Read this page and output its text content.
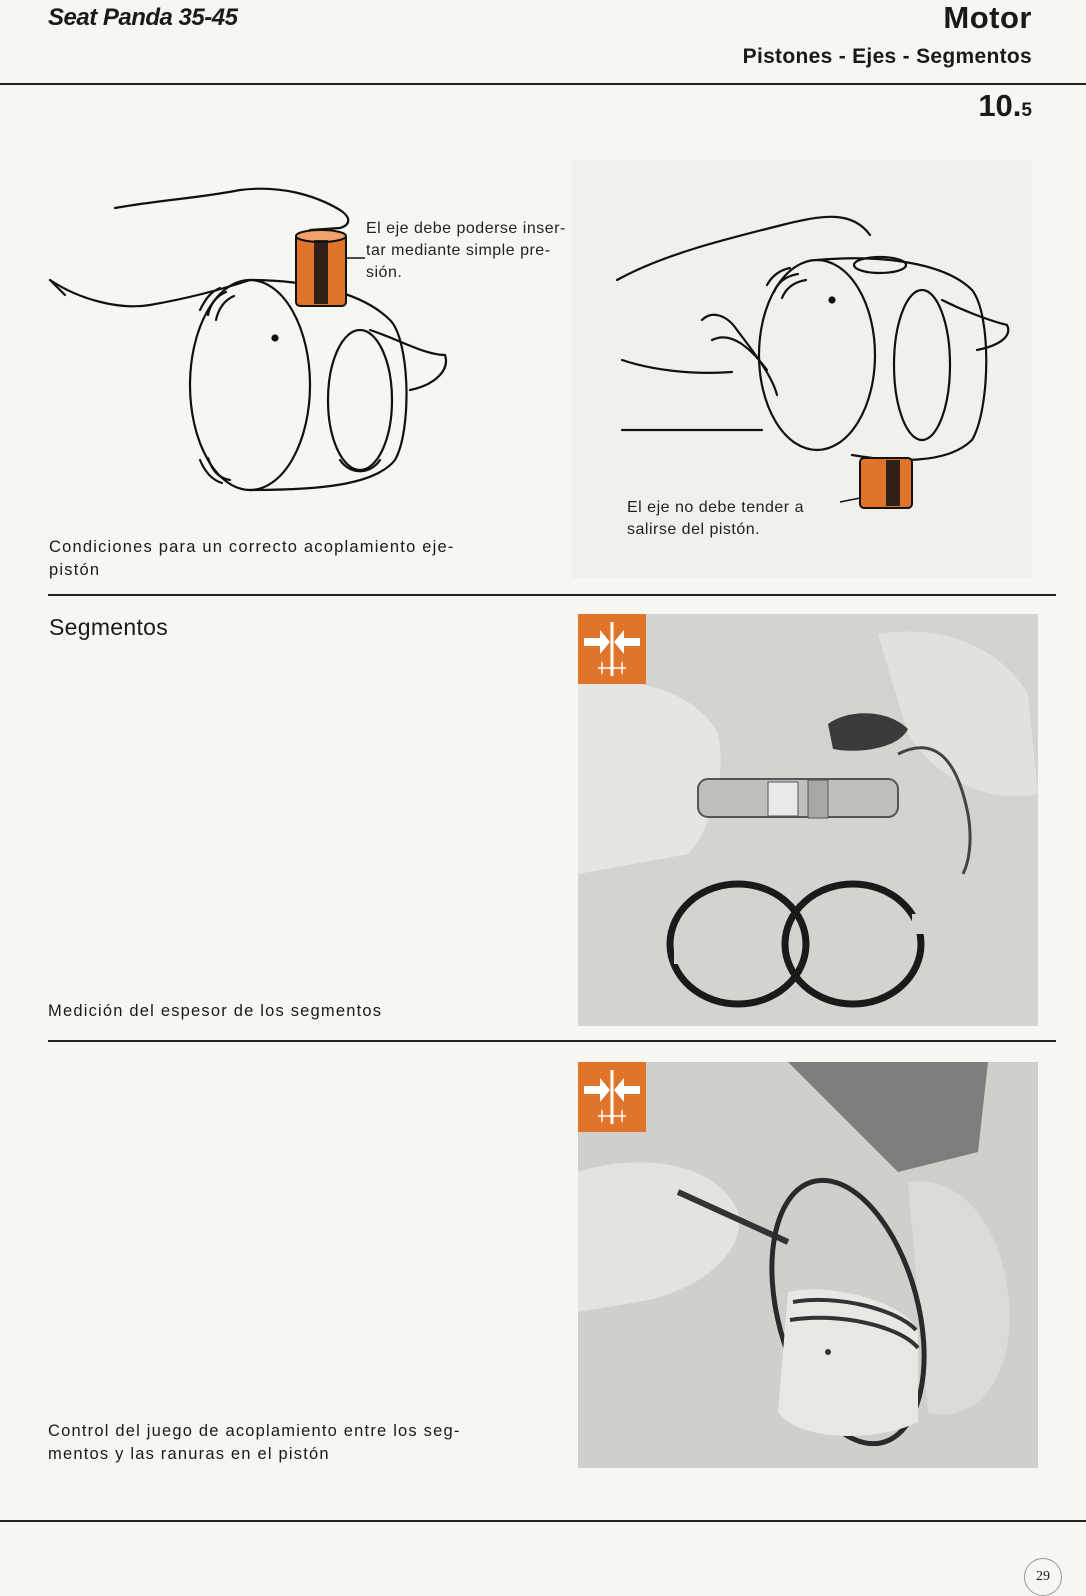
Seat Panda 35-45	Motor
Pistones - Ejes - Segmentos
10.5
El eje debe poderse inser-
tar mediante simple pre-
sión.
El eje no debe tender a
salirse del pistón.
Condiciones para un correcto acoplamiento eje-
pistón
Segmentos
Medición del espesor de los segmentos
Control del juego de acoplamiento entre los seg-
mentos y las ranuras en el pistón
29
